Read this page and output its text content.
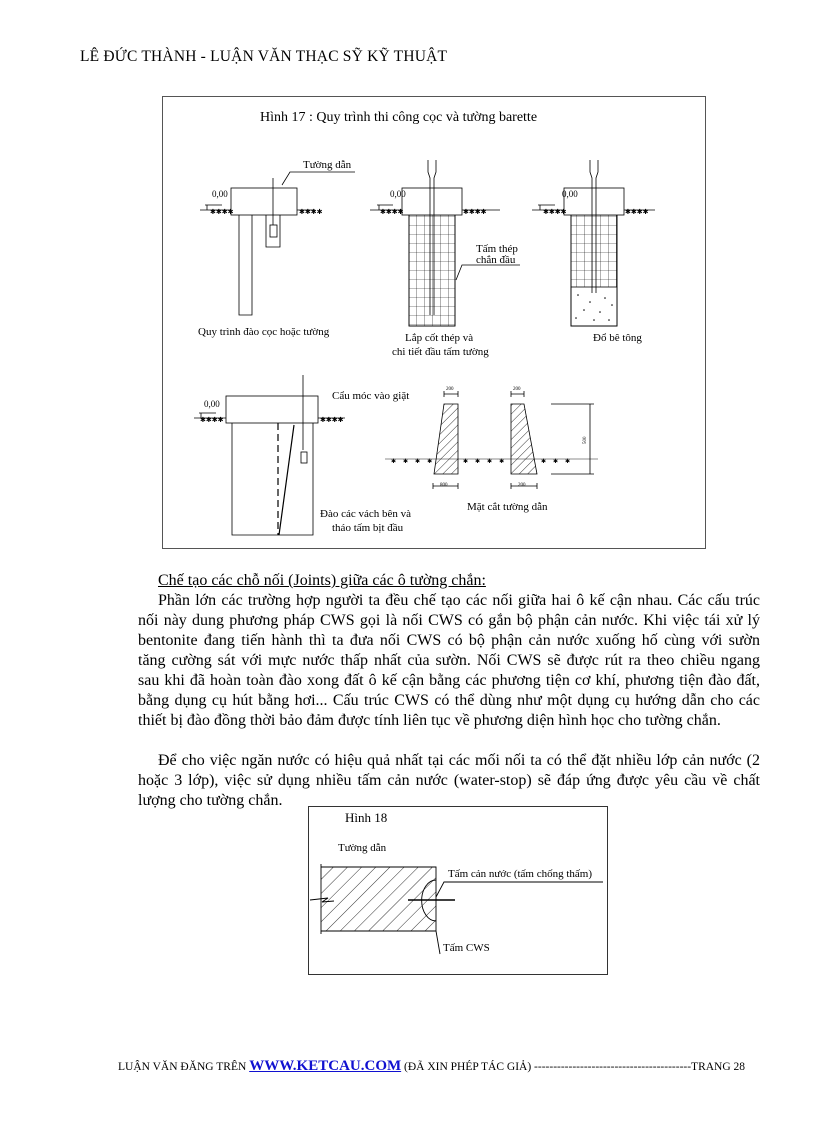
LÊ ĐỨC THÀNH - LUẬN VĂN THẠC SỸ KỸ THUẬT
Hình 17 : Quy trình thi công cọc và tường barette
0,00
✱✱✱✱	✱✱✱✱
Tường dẫn
Quy trình đào cọc hoặc tường
0,00
✱✱✱✱	✱✱✱✱
Tấm thép
chắn đầu
Lắp cốt thép và
chi tiết đầu tấm tường
0,00
✱✱✱✱	✱✱✱✱
Đổ bê tông
0,00
✱✱✱✱	✱✱✱✱
Cẩu móc vào giặt
Đào các vách bên và
tháo tấm bịt đầu
✱✱✱✱	✱✱✱✱	✱✱✱
200	200
800	200
500
Mặt cắt tường dẫn
Chế tạo các chỗ nối (Joints) giữa các ô tường chắn:
Phần lớn các trường hợp người ta đều chế tạo các nối giữa hai ô kế cận nhau. Các cấu trúc
nối này dung phương pháp CWS gọi là nối CWS có gắn bộ phận cản nước. Khi việc tái xử lý
bentonite đang tiến hành thì ta đưa nối CWS có bộ phận cản nước xuống hố cùng với sườn
tăng cường sát với mực nước thấp nhất của sườn. Nối CWS sẽ được rút ra theo chiều ngang
sau khi đã hoàn toàn đào xong đất ô kế cận bằng các phương tiện cơ khí, phương tiện đào đất,
bằng dụng cụ hút bằng hơi... Cấu trúc CWS có thể dùng như một dụng cụ hướng dẫn cho các
thiết bị đào đồng thời bảo đảm được tính liên tục về phương diện hình học cho tường chắn.
Để cho việc ngăn nước có hiệu quả nhất tại các mối nối ta có thể đặt nhiều lớp cản nước (2
hoặc 3 lớp), việc sử dụng nhiều tấm cản nước (water-stop) sẽ đáp ứng được yêu cầu về chất
lượng cho tường chắn.
Hình 18
Tường dẫn
Tấm cản nước (tấm chống thấm)
Tấm CWS
LUẬN VĂN ĐĂNG TRÊN WWW.KETCAU.COM (ĐÃ XIN PHÉP TÁC GIẢ) -----------------------------------------TRANG 28
